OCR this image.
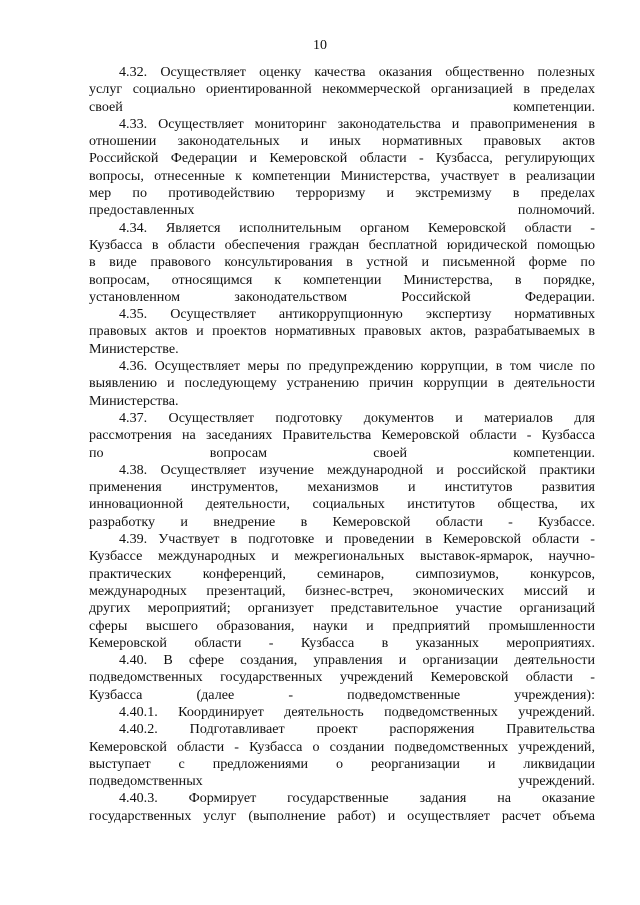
10
4.32. Осуществляет оценку качества оказания общественно полезных
услуг социально ориентированной некоммерческой организацией в пределах
своей компетенции.
4.33. Осуществляет мониторинг законодательства и правоприменения в
отношении законодательных и иных нормативных правовых актов
Российской Федерации и Кемеровской области - Кузбасса, регулирующих
вопросы, отнесенные к компетенции Министерства, участвует в реализации
мер по противодействию терроризму и экстремизму в пределах
предоставленных полномочий.
4.34. Является исполнительным органом Кемеровской области -
Кузбасса в области обеспечения граждан бесплатной юридической помощью
в виде правового консультирования в устной и письменной форме по
вопросам, относящимся к компетенции Министерства, в порядке,
установленном законодательством Российской Федерации.
4.35. Осуществляет антикоррупционную экспертизу нормативных
правовых актов и проектов нормативных правовых актов, разрабатываемых в
Министерстве.
4.36. Осуществляет меры по предупреждению коррупции, в том числе по
выявлению и последующему устранению причин коррупции в деятельности
Министерства.
4.37. Осуществляет подготовку документов и материалов для
рассмотрения на заседаниях Правительства Кемеровской области - Кузбасса
по вопросам своей компетенции.
4.38. Осуществляет изучение международной и российской практики
применения инструментов, механизмов и институтов развития
инновационной деятельности, социальных институтов общества, их
разработку и внедрение в Кемеровской области - Кузбассе.
4.39. Участвует в подготовке и проведении в Кемеровской области -
Кузбассе международных и межрегиональных выставок-ярмарок, научно-
практических конференций, семинаров, симпозиумов, конкурсов,
международных презентаций, бизнес-встреч, экономических миссий и
других мероприятий; организует представительное участие организаций
сферы высшего образования, науки и предприятий промышленности
Кемеровской области - Кузбасса в указанных мероприятиях.
4.40. В сфере создания, управления и организации деятельности
подведомственных государственных учреждений Кемеровской области -
Кузбасса (далее - подведомственные учреждения):
4.40.1. Координирует деятельность подведомственных учреждений.
4.40.2. Подготавливает проект распоряжения Правительства
Кемеровской области - Кузбасса о создании подведомственных учреждений,
выступает с предложениями о реорганизации и ликвидации
подведомственных учреждений.
4.40.3. Формирует государственные задания на оказание
государственных услуг (выполнение работ) и осуществляет расчет объема
